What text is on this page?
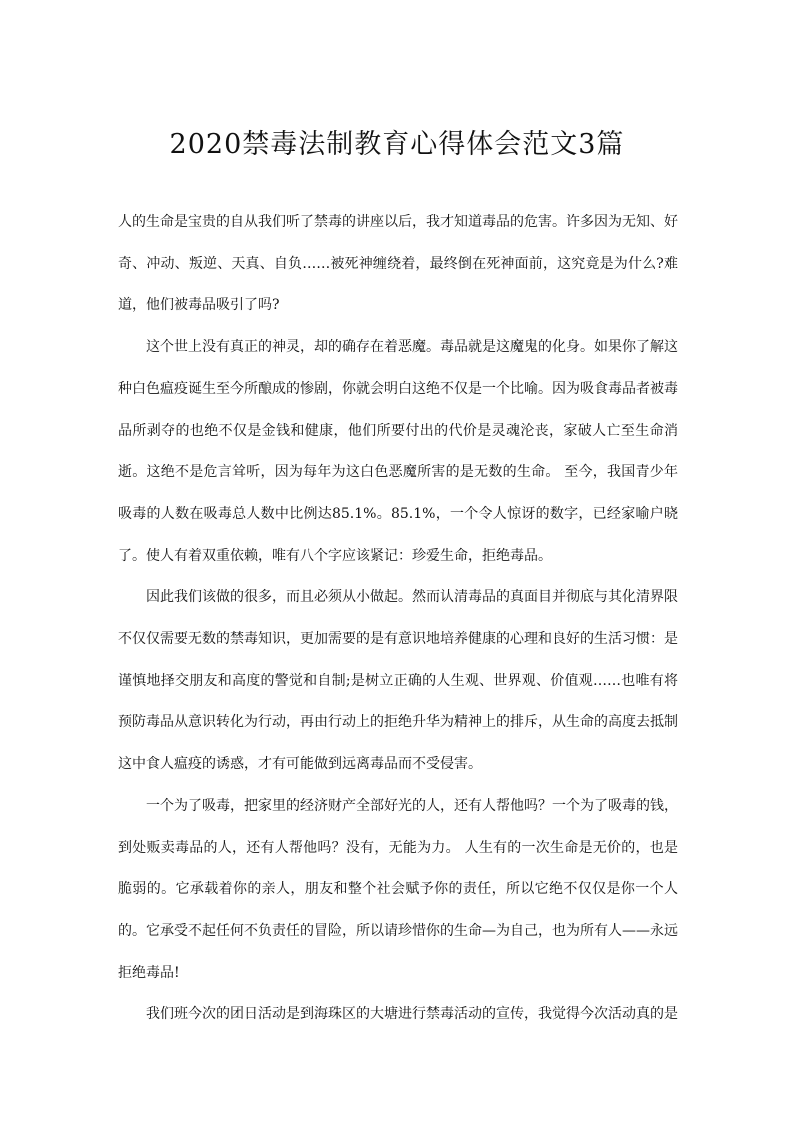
2020禁毒法制教育心得体会范文3篇

人的生命是宝贵的自从我们听了禁毒的讲座以后，我才知道毒品的危害。许多因为无知、好奇、冲动、叛逆、天真、自负……被死神缠绕着，最终倒在死神面前，这究竟是为什么?难道，他们被毒品吸引了吗?

这个世上没有真正的神灵，却的确存在着恶魔。毒品就是这魔鬼的化身。如果你了解这种白色瘟疫诞生至今所酿成的惨剧，你就会明白这绝不仅是一个比喻。因为吸食毒品者被毒品所剥夺的也绝不仅是金钱和健康，他们所要付出的代价是灵魂沦丧，家破人亡至生命消逝。这绝不是危言耸听，因为每年为这白色恶魔所害的是无数的生命。 至今，我国青少年吸毒的人数在吸毒总人数中比例达85.1%。85.1%，一个令人惊讶的数字，已经家喻户晓了。使人有着双重依赖，唯有八个字应该紧记：珍爱生命，拒绝毒品。

因此我们该做的很多，而且必须从小做起。然而认清毒品的真面目并彻底与其化清界限不仅仅需要无数的禁毒知识，更加需要的是有意识地培养健康的心理和良好的生活习惯：是谨慎地择交朋友和高度的警觉和自制;是树立正确的人生观、世界观、价值观……也唯有将预防毒品从意识转化为行动，再由行动上的拒绝升华为精神上的排斥，从生命的高度去抵制这中食人瘟疫的诱惑，才有可能做到远离毒品而不受侵害。

一个为了吸毒，把家里的经济财产全部好光的人，还有人帮他吗？一个为了吸毒的钱，到处贩卖毒品的人，还有人帮他吗？没有，无能为力。 人生有的一次生命是无价的，也是脆弱的。它承载着你的亲人，朋友和整个社会赋予你的责任，所以它绝不仅仅是你一个人的。它承受不起任何不负责任的冒险，所以请珍惜你的生命—为自己，也为所有人——永远拒绝毒品!

我们班今次的团日活动是到海珠区的大塘进行禁毒活动的宣传，我觉得今次活动真的是
